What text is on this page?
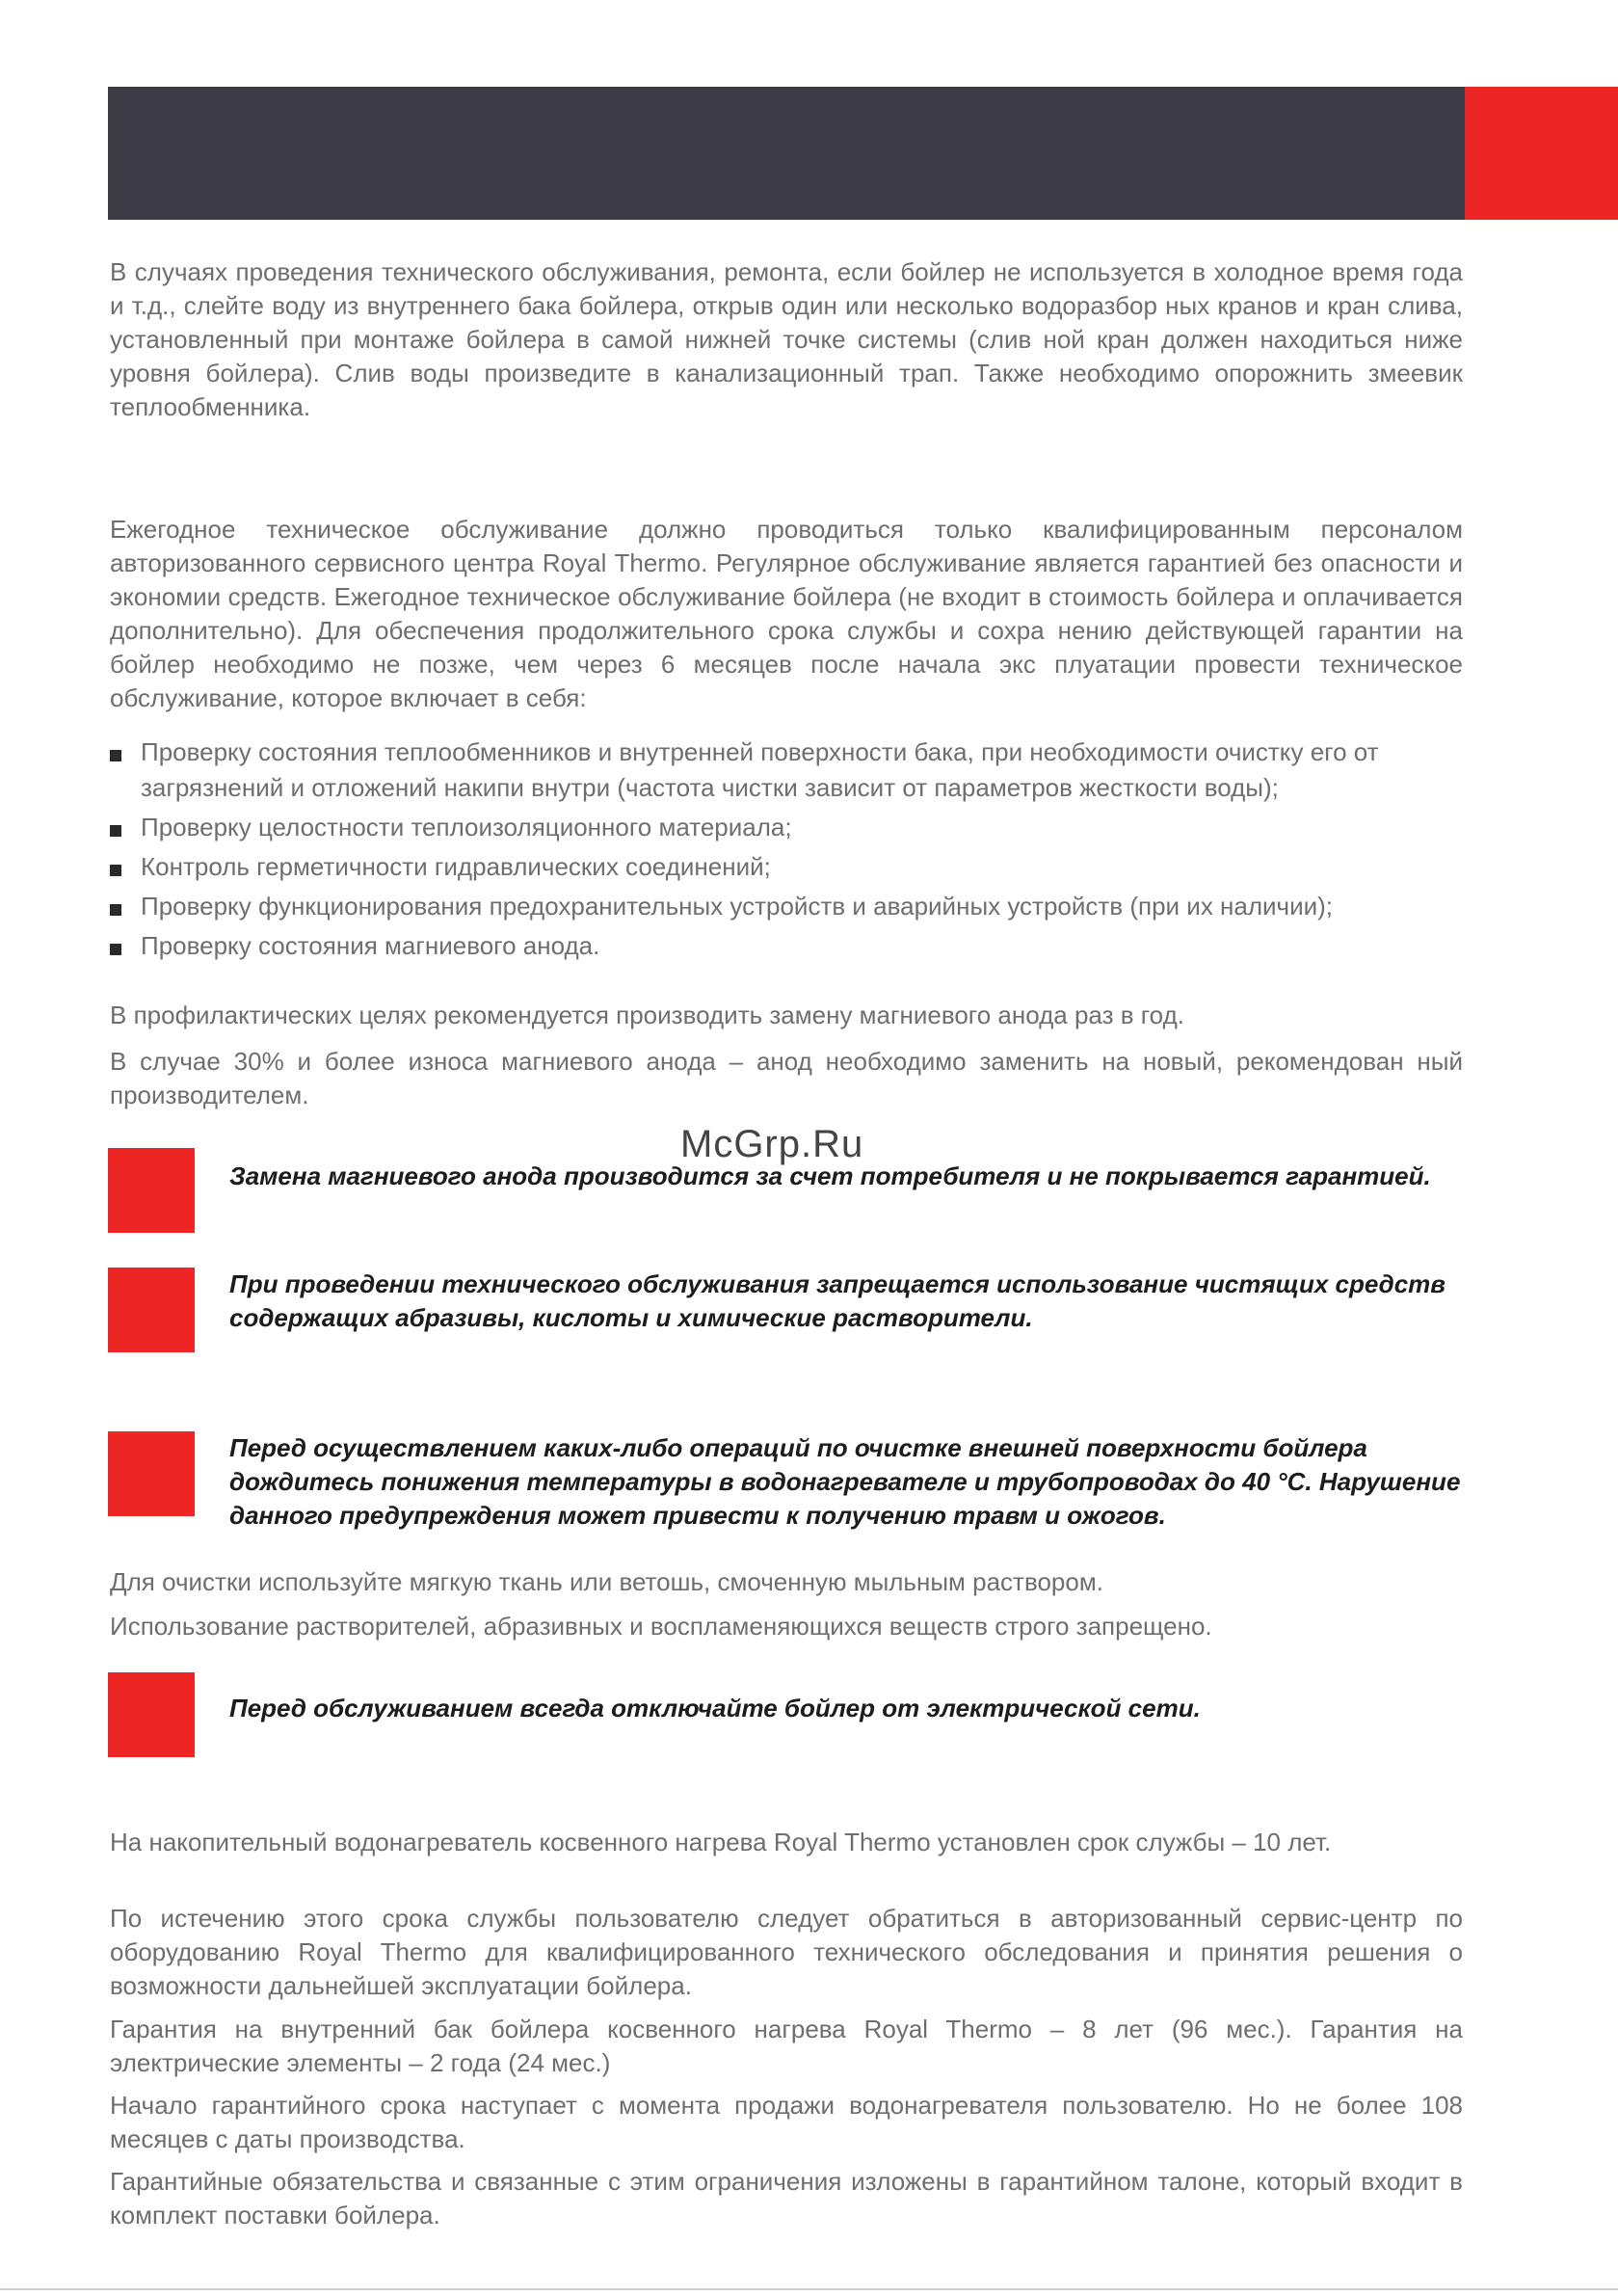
В случаях проведения технического обслуживания, ремонта, если бойлер не используется в холодное время года и т.д., слейте воду из внутреннего бака бойлера, открыв один или несколько водоразбор ных кранов и кран слива, установленный при монтаже бойлера в самой нижней точке системы (слив ной кран должен находиться ниже уровня бойлера). Слив воды произведите в канализационный трап. Также необходимо опорожнить змеевик теплообменника.

Ежегодное техническое обслуживание должно проводиться только квалифицированным персоналом авторизованного сервисного центра Royal Thermo. Регулярное обслуживание является гарантией без опасности и экономии средств. Ежегодное техническое обслуживание бойлера (не входит в стоимость бойлера и оплачивается дополнительно). Для обеспечения продолжительного срока службы и сохра нению действующей гарантии на бойлер необходимо не позже, чем через 6 месяцев после начала экс плуатации провести техническое обслуживание, которое включает в себя:

Проверку состояния теплообменников и внутренней поверхности бака, при необходимости очистку его от загрязнений и отложений накипи внутри (частота чистки зависит от параметров жесткости воды);
Проверку целостности теплоизоляционного материала;
Контроль герметичности гидравлических соединений;
Проверку функционирования предохранительных устройств и аварийных устройств (при их наличии);
Проверку состояния магниевого анода.

В профилактических целях рекомендуется производить замену магниевого анода раз в год.

В случае 30% и более износа магниевого анода – анод необходимо заменить на новый, рекомендован ный производителем.

McGrp.Ru

Замена магниевого анода производится за счет потребителя и не покрывается гарантией.

При проведении технического обслуживания запрещается использование чистящих средств содержащих абразивы, кислоты и химические растворители.

Перед осуществлением каких-либо операций по очистке внешней поверхности бойлера дождитесь понижения температуры в водонагревателе и трубопроводах до 40 °С. Нарушение данного предупреждения может привести к получению травм и ожогов.

Для очистки используйте мягкую ткань или ветошь, смоченную мыльным раствором.

Использование растворителей, абразивных и воспламеняющихся веществ строго запрещено.

Перед обслуживанием всегда отключайте бойлер от электрической сети.

На накопительный водонагреватель косвенного нагрева Royal Thermo установлен срок службы – 10 лет.

По истечению этого срока службы пользователю следует обратиться в авторизованный сервис-центр по оборудованию Royal Thermo для квалифицированного технического обследования и принятия решения о возможности дальнейшей эксплуатации бойлера.

Гарантия на внутренний бак бойлера косвенного нагрева Royal Thermo – 8 лет (96 мес.). Гарантия на электрические элементы – 2 года (24 мес.)

Начало гарантийного срока наступает с момента продажи водонагревателя пользователю. Но не более 108 месяцев с даты производства.

Гарантийные обязательства и связанные с этим ограничения изложены в гарантийном талоне, который входит в комплект поставки бойлера.
